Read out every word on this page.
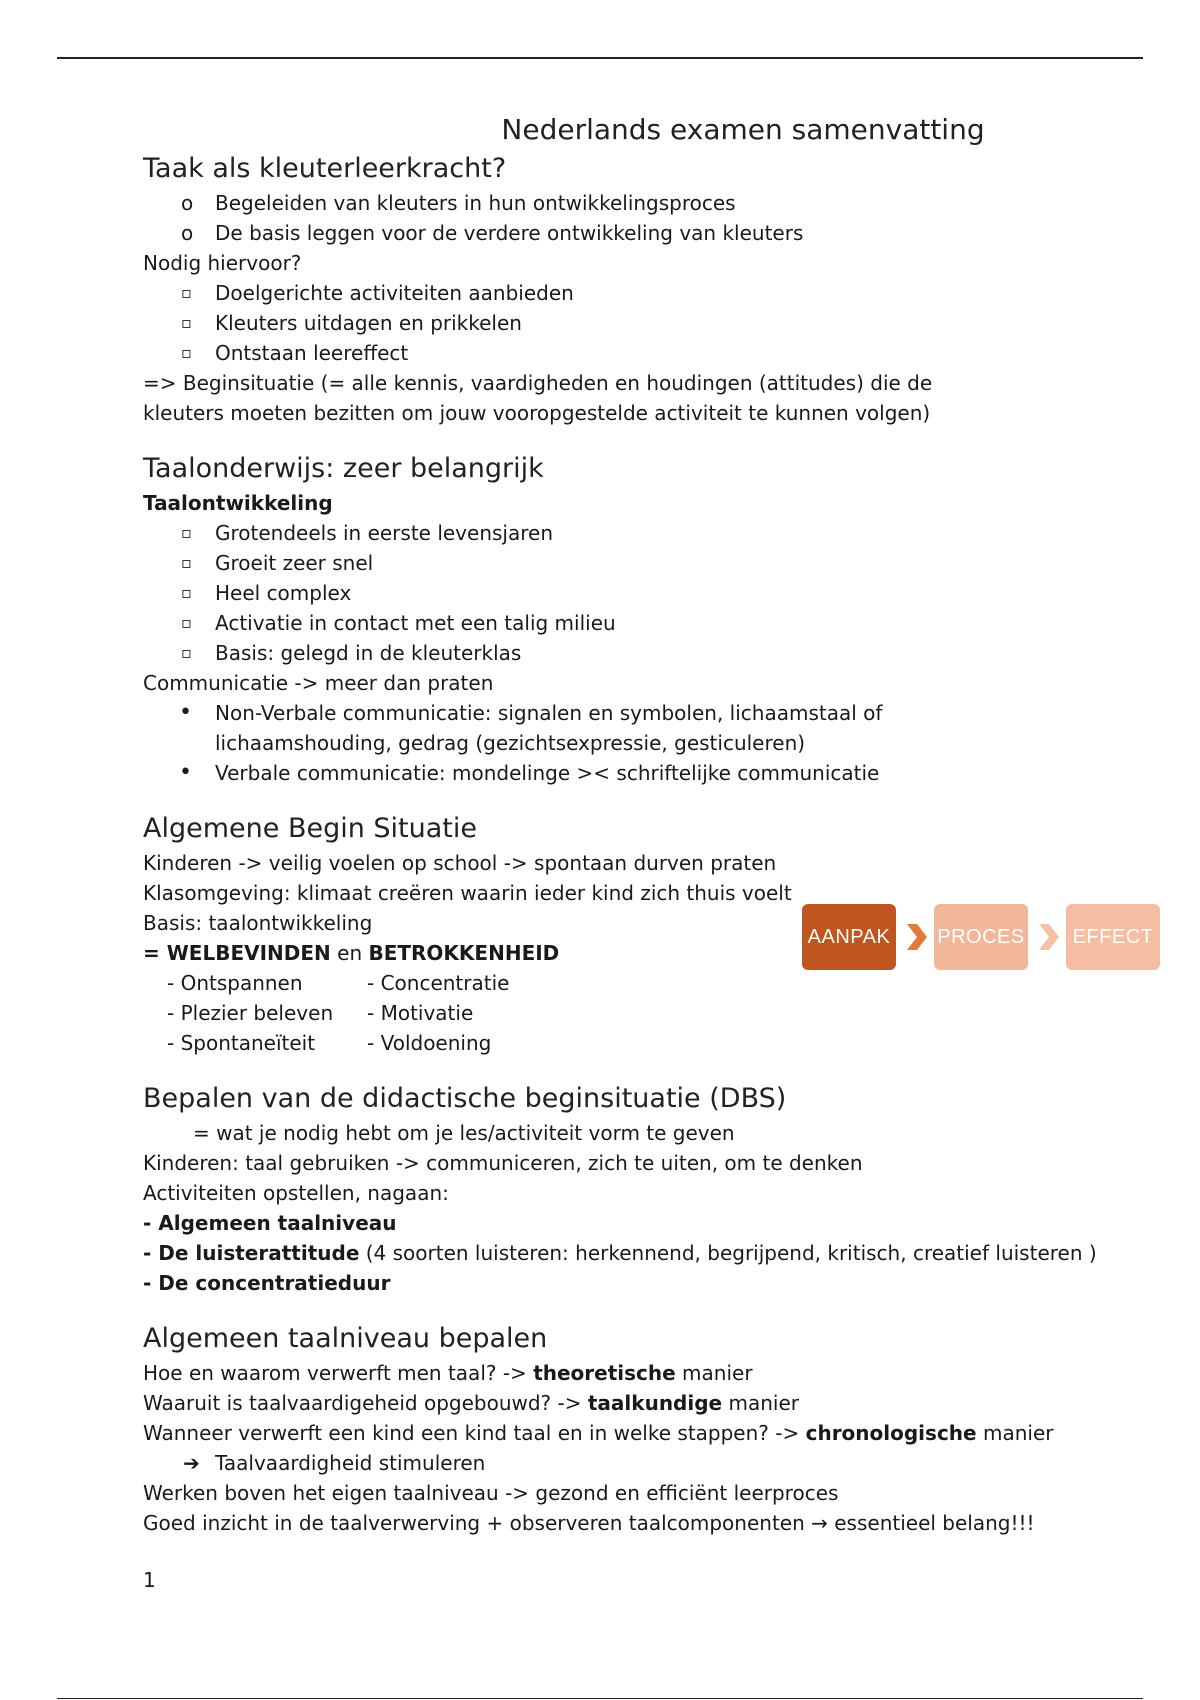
Nederlands examen samenvatting
Taak als kleuterleerkracht?
o Begeleiden van kleuters in hun ontwikkelingsproces
o De basis leggen voor de verdere ontwikkeling van kleuters
Nodig hiervoor?
▫ Doelgerichte activiteiten aanbieden
▫ Kleuters uitdagen en prikkelen
▫ Ontstaan leereffect
=> Beginsituatie (= alle kennis, vaardigheden en houdingen (attitudes) die de kleuters moeten bezitten om jouw vooropgestelde activiteit te kunnen volgen)
Taalonderwijs: zeer belangrijk
Taalontwikkeling
▫ Grotendeels in eerste levensjaren
▫ Groeit zeer snel
▫ Heel complex
▫ Activatie in contact met een talig milieu
▫ Basis: gelegd in de kleuterklas
Communicatie -> meer dan praten
• Non-Verbale communicatie: signalen en symbolen, lichaamstaal of lichaamshouding, gedrag (gezichtsexpressie, gesticuleren)
• Verbale communicatie: mondelinge >< schriftelijke communicatie
Algemene Begin Situatie
Kinderen -> veilig voelen op school -> spontaan durven praten
Klasomgeving: klimaat creëren waarin ieder kind zich thuis voelt
Basis: taalontwikkeling
= WELBEVINDEN en BETROKKENHEID
- Ontspannen
- Plezier beleven
- Spontaneïteit
- Concentratie
- Motivatie
- Voldoening
Bepalen van de didactische beginsituatie (DBS)
= wat je nodig hebt om je les/activiteit vorm te geven
Kinderen: taal gebruiken -> communiceren, zich te uiten, om te denken
Activiteiten opstellen, nagaan:
- Algemeen taalniveau
- De luisterattitude (4 soorten luisteren: herkennend, begrijpend, kritisch, creatief luisteren )
- De concentratieduur
Algemeen taalniveau bepalen
Hoe en waarom verwerft men taal? -> theoretische manier
Waaruit is taalvaardigeheid opgebouwd? -> taalkundige manier
Wanneer verwerft een kind een kind taal en in welke stappen? -> chronologische manier
➔ Taalvaardigheid stimuleren
Werken boven het eigen taalniveau -> gezond en efficiënt leerproces
Goed inzicht in de taalverwerving + observeren taalcomponenten → essentieel belang!!!
AANPAK PROCES	EFFECT
1
